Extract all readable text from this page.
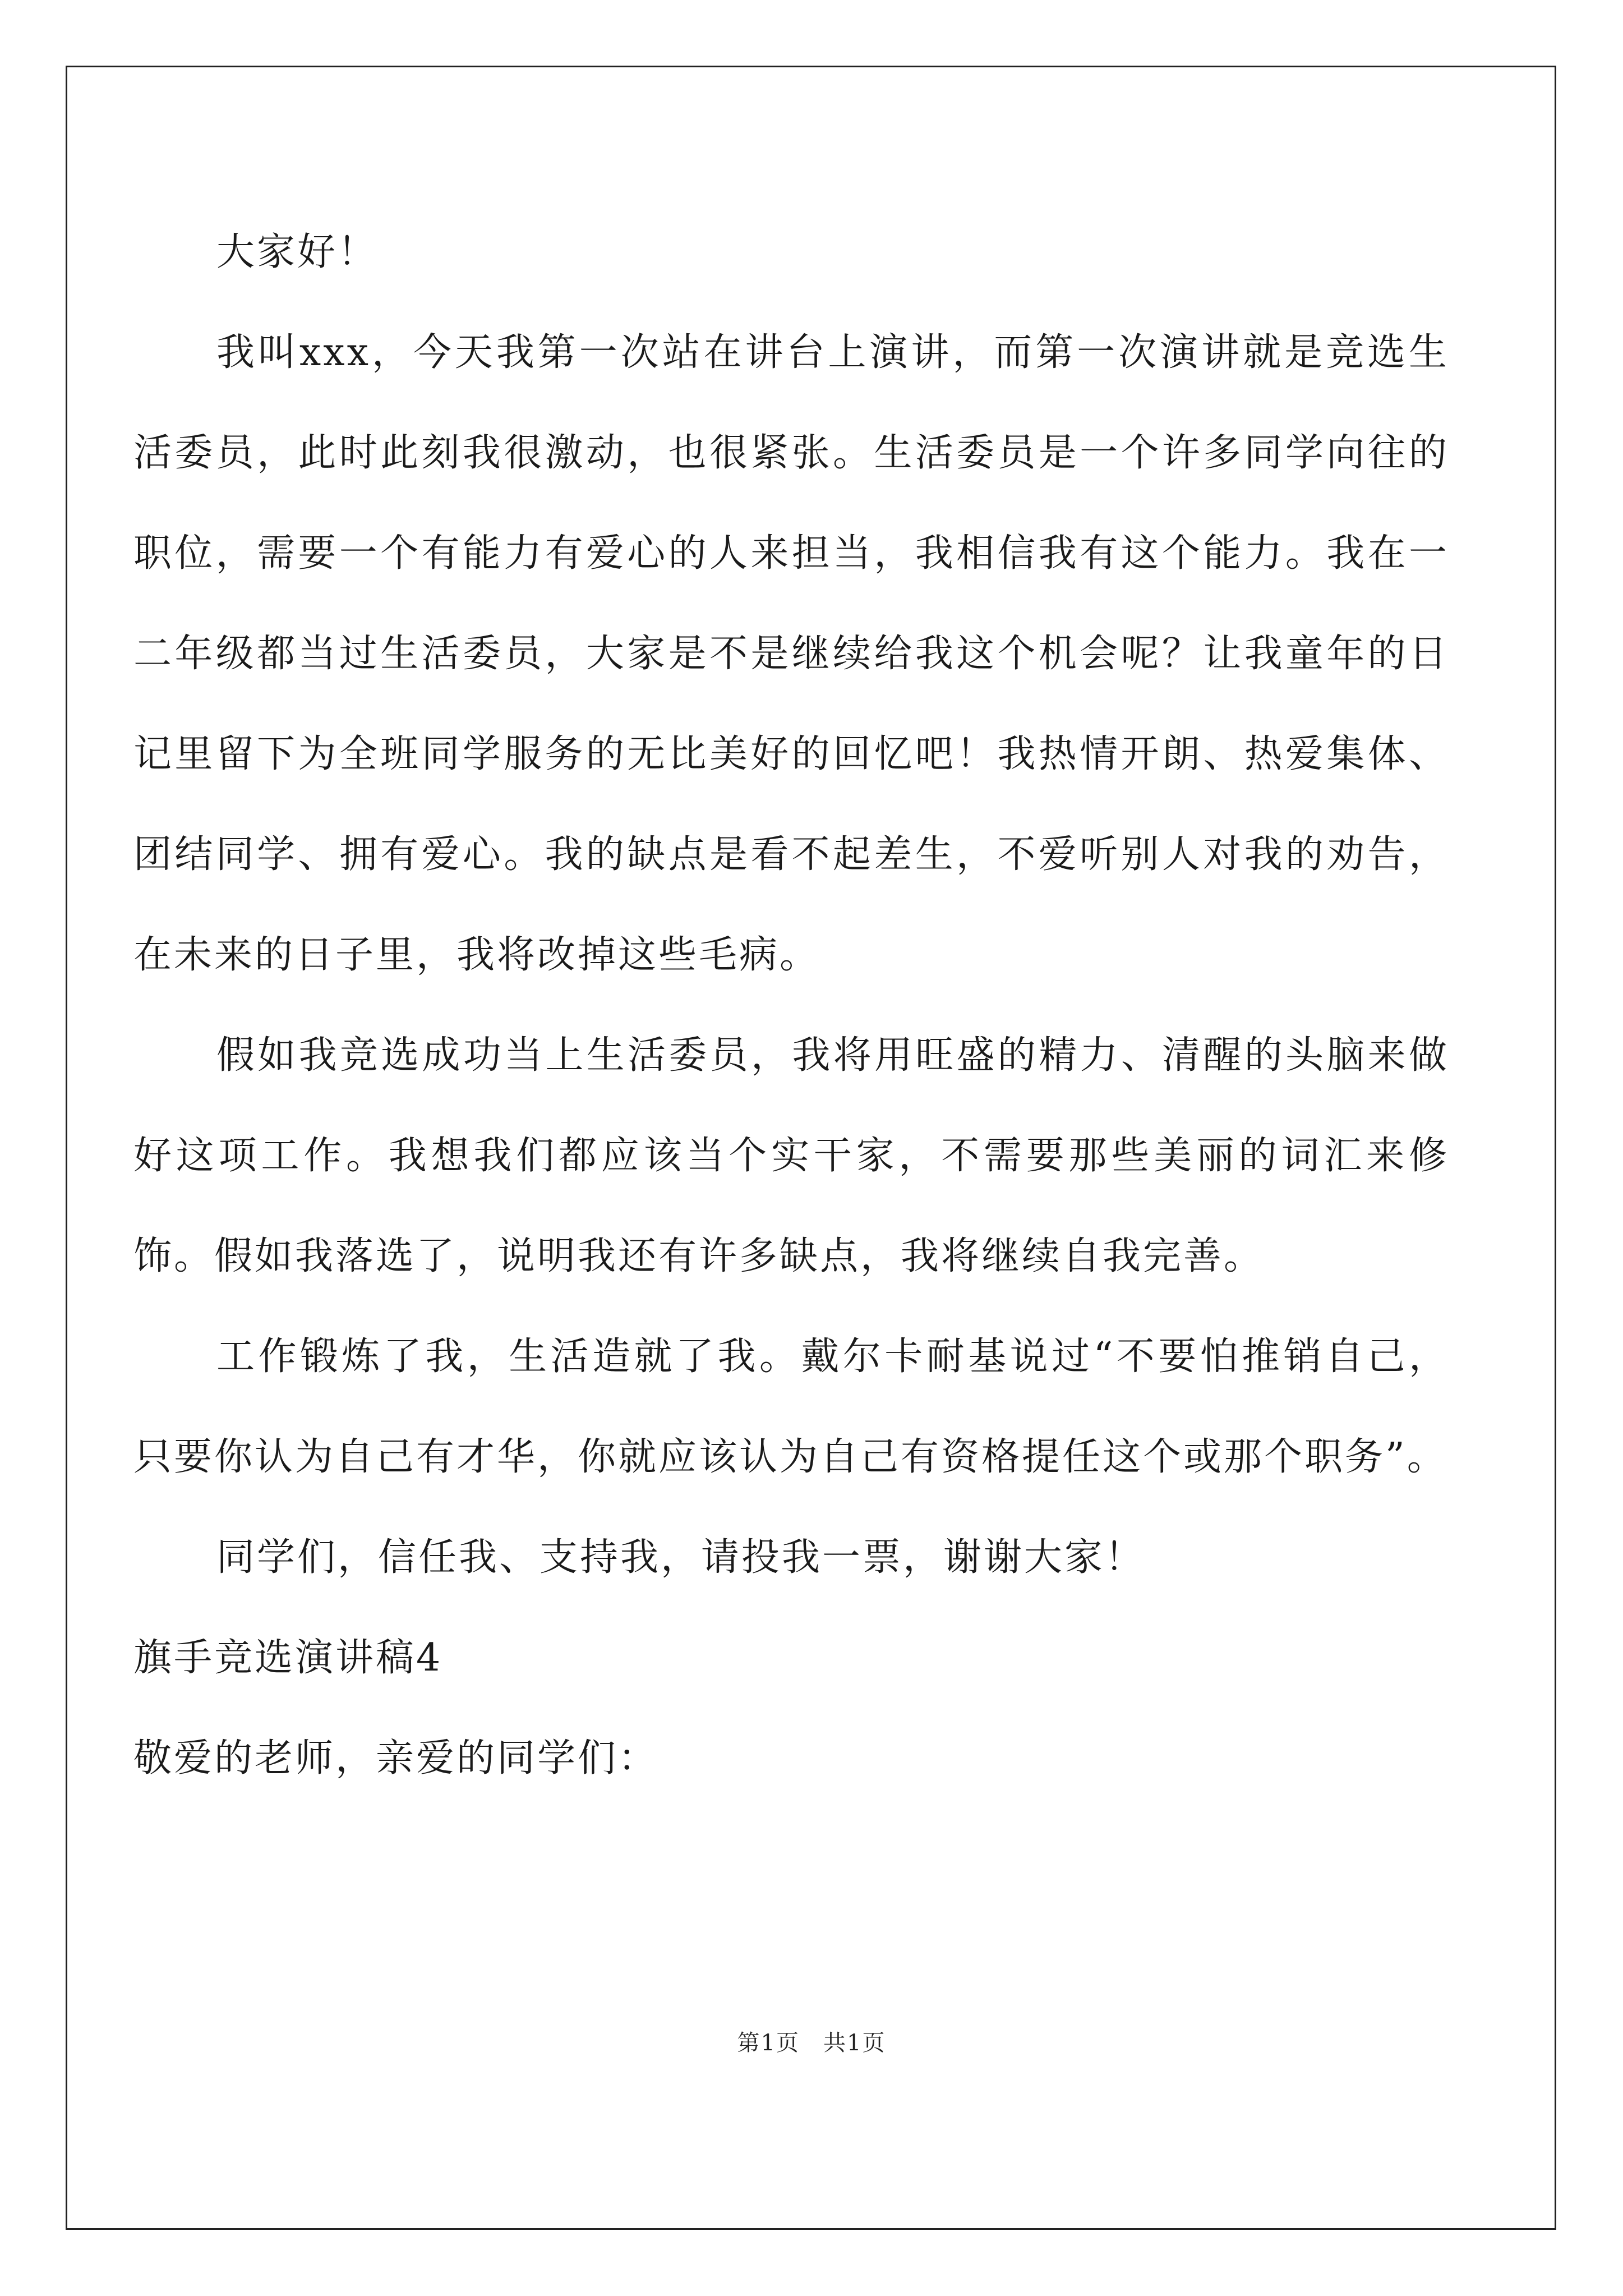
大家好！

我叫xxx，今天我第一次站在讲台上演讲，而第一次演讲就是竞选生活委员，此时此刻我很激动，也很紧张。生活委员是一个许多同学向往的职位，需要一个有能力有爱心的人来担当，我相信我有这个能力。我在一二年级都当过生活委员，大家是不是继续给我这个机会呢？让我童年的日记里留下为全班同学服务的无比美好的回忆吧！我热情开朗、热爱集体、团结同学、拥有爱心。我的缺点是看不起差生，不爱听别人对我的劝告，在未来的日子里，我将改掉这些毛病。

假如我竞选成功当上生活委员，我将用旺盛的精力、清醒的头脑来做好这项工作。我想我们都应该当个实干家，不需要那些美丽的词汇来修饰。假如我落选了，说明我还有许多缺点，我将继续自我完善。

工作锻炼了我，生活造就了我。戴尔卡耐基说过“不要怕推销自己，只要你认为自己有才华，你就应该认为自己有资格提任这个或那个职务”。

同学们，信任我、支持我，请投我一票，谢谢大家！

旗手竞选演讲稿4

敬爱的老师，亲爱的同学们：

第1页　共1页
